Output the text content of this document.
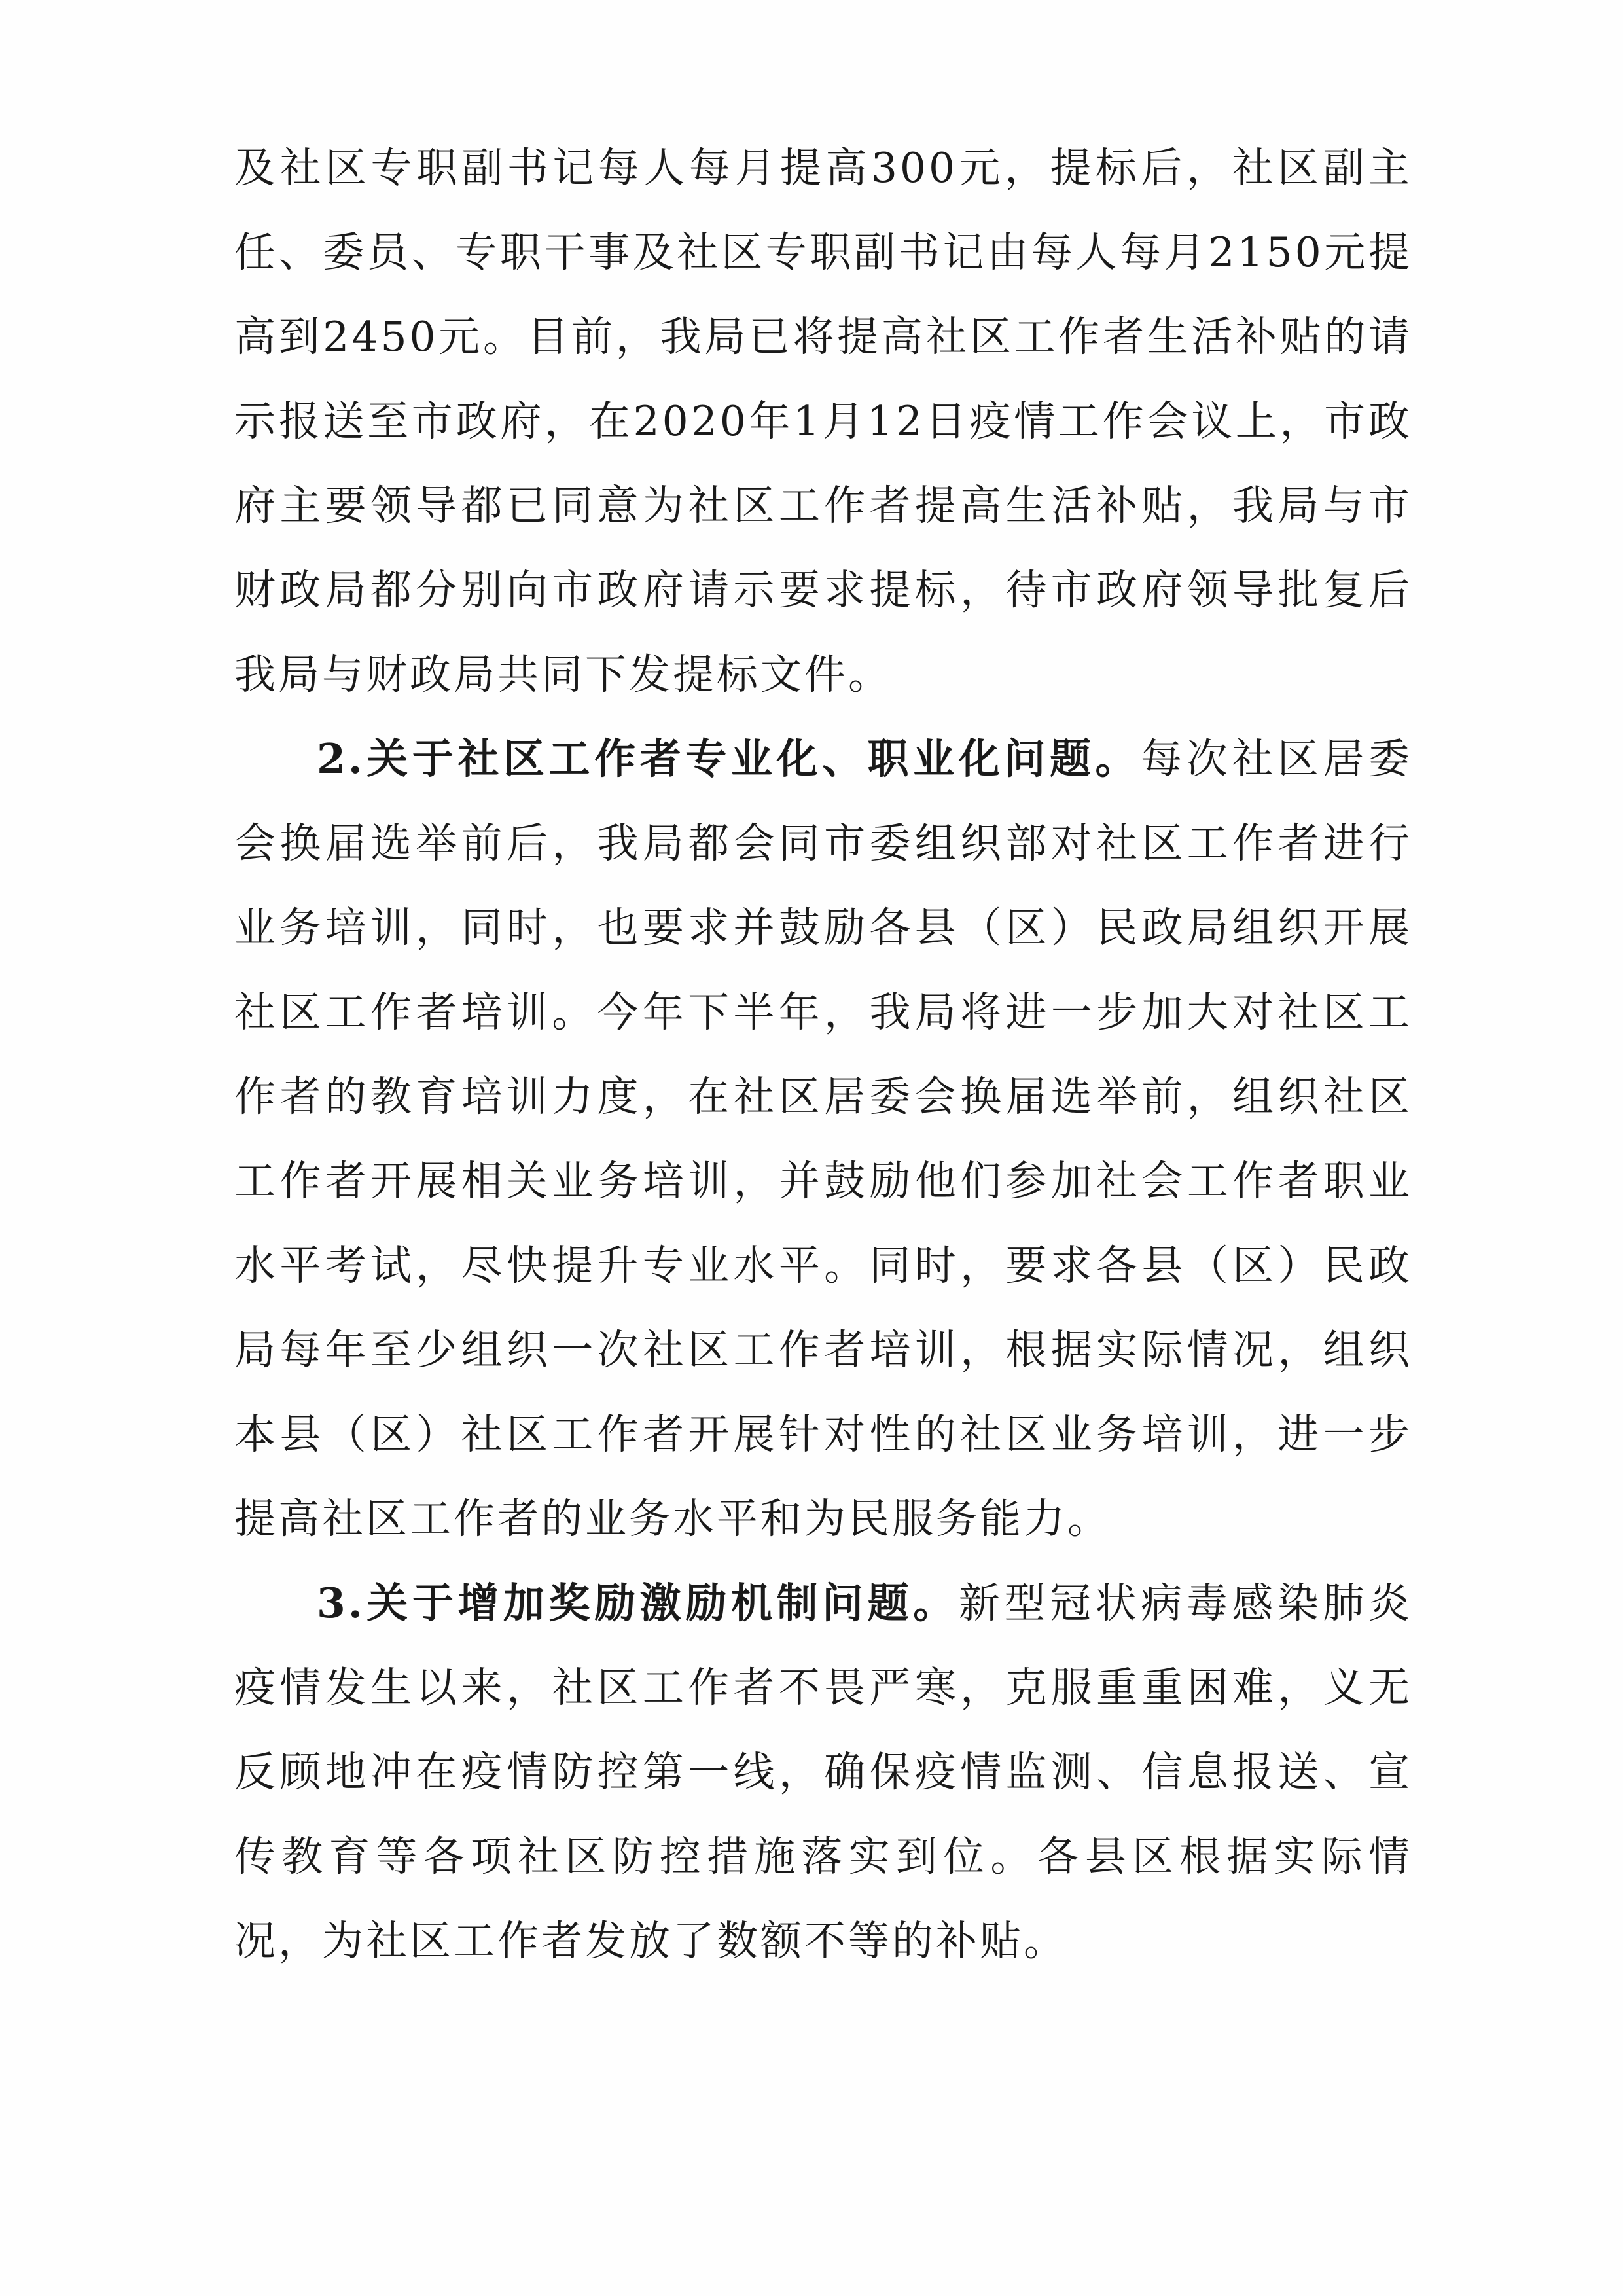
及社区专职副书记每人每月提高300元，提标后，社区副主任、委员、专职干事及社区专职副书记由每人每月2150元提高到2450元。目前，我局已将提高社区工作者生活补贴的请示报送至市政府，在2020年1月12日疫情工作会议上，市政府主要领导都已同意为社区工作者提高生活补贴，我局与市财政局都分别向市政府请示要求提标，待市政府领导批复后我局与财政局共同下发提标文件。

2.关于社区工作者专业化、职业化问题。每次社区居委会换届选举前后，我局都会同市委组织部对社区工作者进行业务培训，同时，也要求并鼓励各县（区）民政局组织开展社区工作者培训。今年下半年，我局将进一步加大对社区工作者的教育培训力度，在社区居委会换届选举前，组织社区工作者开展相关业务培训，并鼓励他们参加社会工作者职业水平考试，尽快提升专业水平。同时，要求各县（区）民政局每年至少组织一次社区工作者培训，根据实际情况，组织本县（区）社区工作者开展针对性的社区业务培训，进一步提高社区工作者的业务水平和为民服务能力。

3.关于增加奖励激励机制问题。新型冠状病毒感染肺炎疫情发生以来，社区工作者不畏严寒，克服重重困难，义无反顾地冲在疫情防控第一线，确保疫情监测、信息报送、宣传教育等各项社区防控措施落实到位。各县区根据实际情况，为社区工作者发放了数额不等的补贴。
